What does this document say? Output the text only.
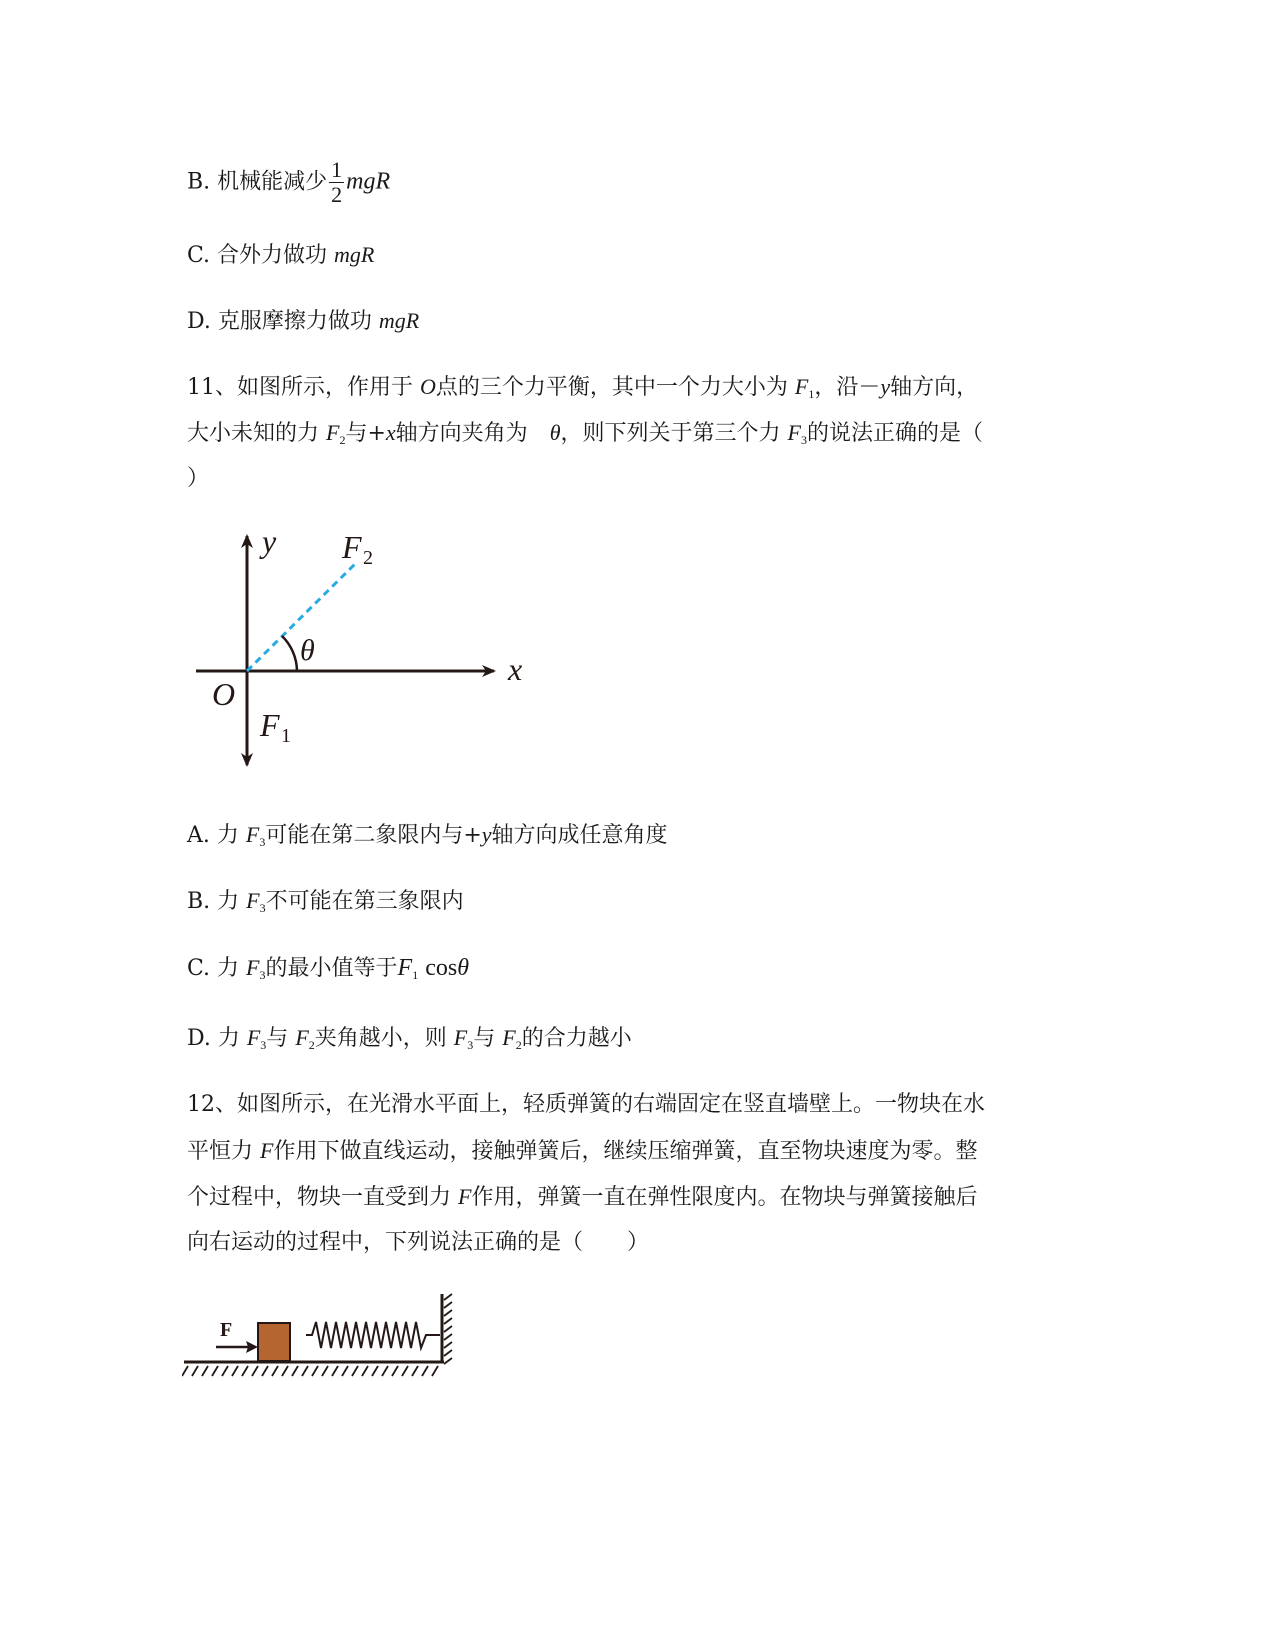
B. 机械能减少 $\frac{1}{2}$ mgR
C. 合外力做功 mgR
D. 克服摩擦力做功 mgR
11、如图所示，作用于 O点的三个力平衡，其中一个力大小为 $F_1$，沿－y轴方向，
大小未知的力 $F_2$与+x轴方向夹角为　 θ，则下列关于第三个力 $F_3$的说法正确的是（
）
y
x
O
θ
F 2
F 1
A. 力 $F_3$可能在第二象限内与+y轴方向成任意角度
B. 力 $F_3$不可能在第三象限内
C. 力 $F_3$的最小值等于$F_1$ cosθ
D. 力 $F_3$与 $F_2$夹角越小，则 $F_3$与 $F_2$的合力越小
12、如图所示，在光滑水平面上，轻质弹簧的右端固定在竖直墙壁上。一物块在水
平恒力 F作用下做直线运动，接触弹簧后，继续压缩弹簧，直至物块速度为零。整
个过程中，物块一直受到力 F作用，弹簧一直在弹性限度内。在物块与弹簧接触后
向右运动的过程中，下列说法正确的是（　　）
F
